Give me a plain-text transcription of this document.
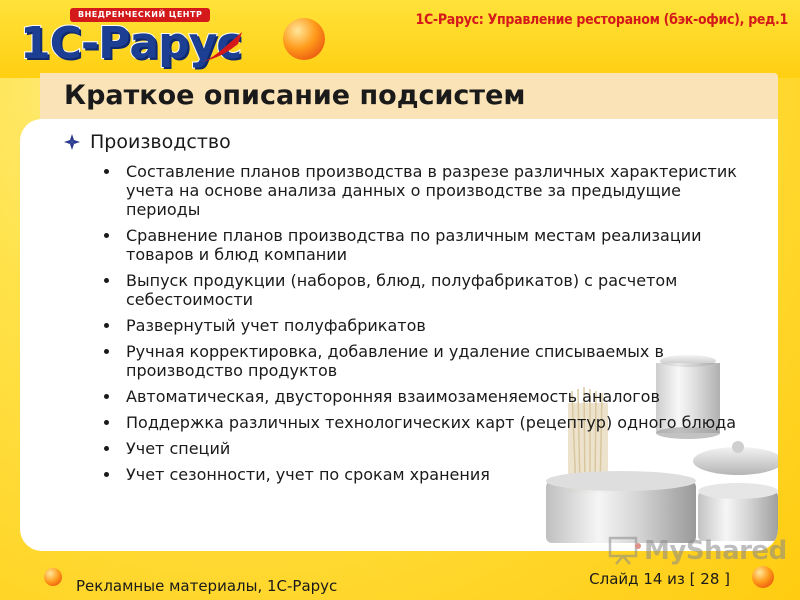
ВНЕДРЕНЧЕСКИЙ ЦЕНТР
1С-Рарус	1С-Рарус: Управление рестораном (бэк-офис), ред.1
Краткое описание подсистем
Производство
Составление планов производства в разрезе различных характеристик учета на основе анализа данных о производстве за предыдущие периоды
Сравнение планов производства по различным местам реализации товаров и блюд компании
Выпуск продукции (наборов, блюд, полуфабрикатов) с расчетом себестоимости
Развернутый учет полуфабрикатов
Ручная корректировка, добавление и удаление списываемых в производство продуктов
Автоматическая, двусторонняя взаимозаменяемость аналогов
Поддержка различных технологических карт (рецептур) одного блюда
Учет специй
Учет сезонности, учет по срокам хранения
MyShared
Рекламные материалы, 1С-Рарус	Слайд 14 из [ 28 ]
